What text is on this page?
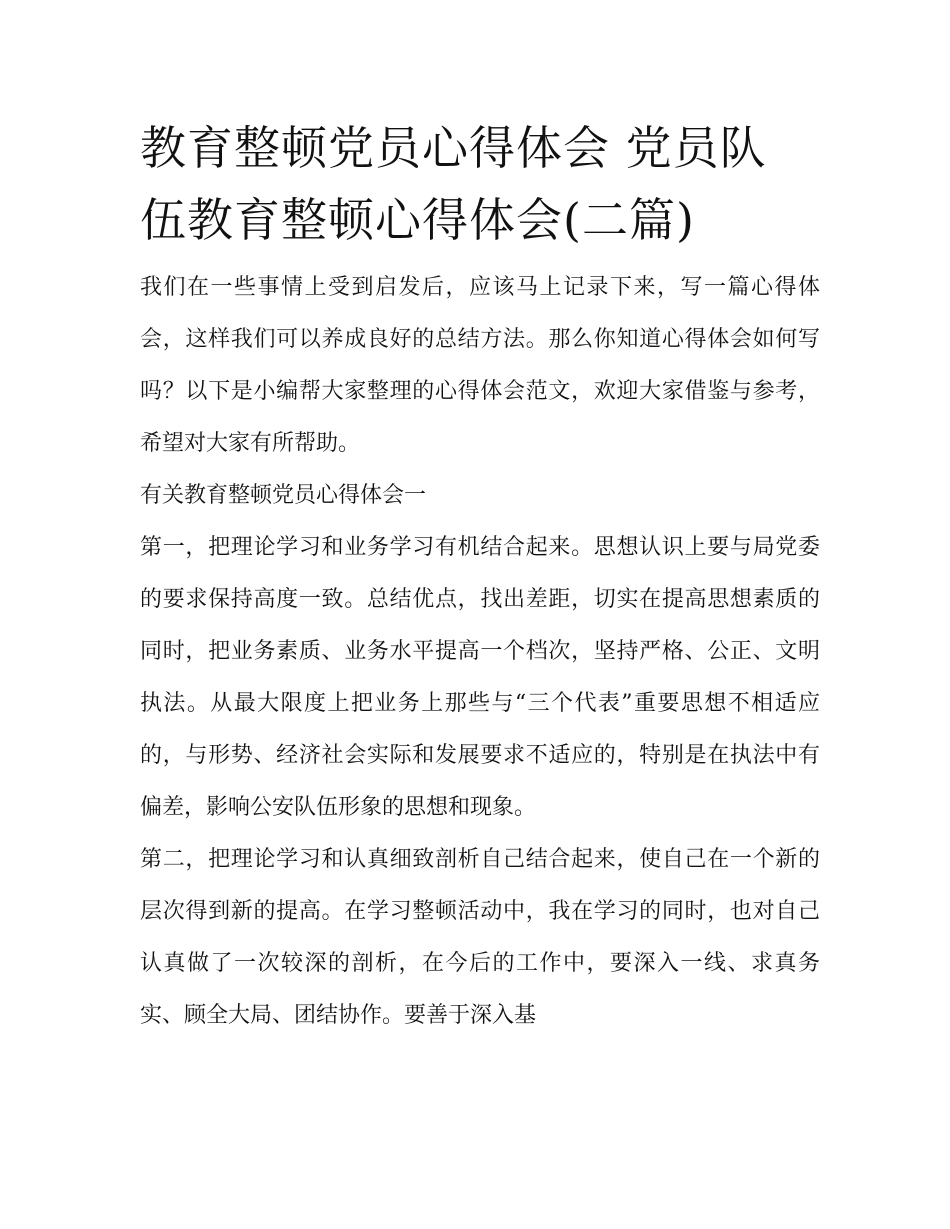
教育整顿党员心得体会 党员队
伍教育整顿心得体会(二篇)

我们在一些事情上受到启发后，应该马上记录下来，写一篇心得体会，这样我们可以养成良好的总结方法。那么你知道心得体会如何写吗？以下是小编帮大家整理的心得体会范文，欢迎大家借鉴与参考，希望对大家有所帮助。

有关教育整顿党员心得体会一

第一，把理论学习和业务学习有机结合起来。思想认识上要与局党委的要求保持高度一致。总结优点，找出差距，切实在提高思想素质的同时，把业务素质、业务水平提高一个档次，坚持严格、公正、文明执法。从最大限度上把业务上那些与“三个代表”重要思想不相适应的，与形势、经济社会实际和发展要求不适应的，特别是在执法中有偏差，影响公安队伍形象的思想和现象。

第二，把理论学习和认真细致剖析自己结合起来，使自己在一个新的层次得到新的提高。在学习整顿活动中，我在学习的同时，也对自己认真做了一次较深的剖析，在今后的工作中，要深入一线、求真务实、顾全大局、团结协作。要善于深入基
